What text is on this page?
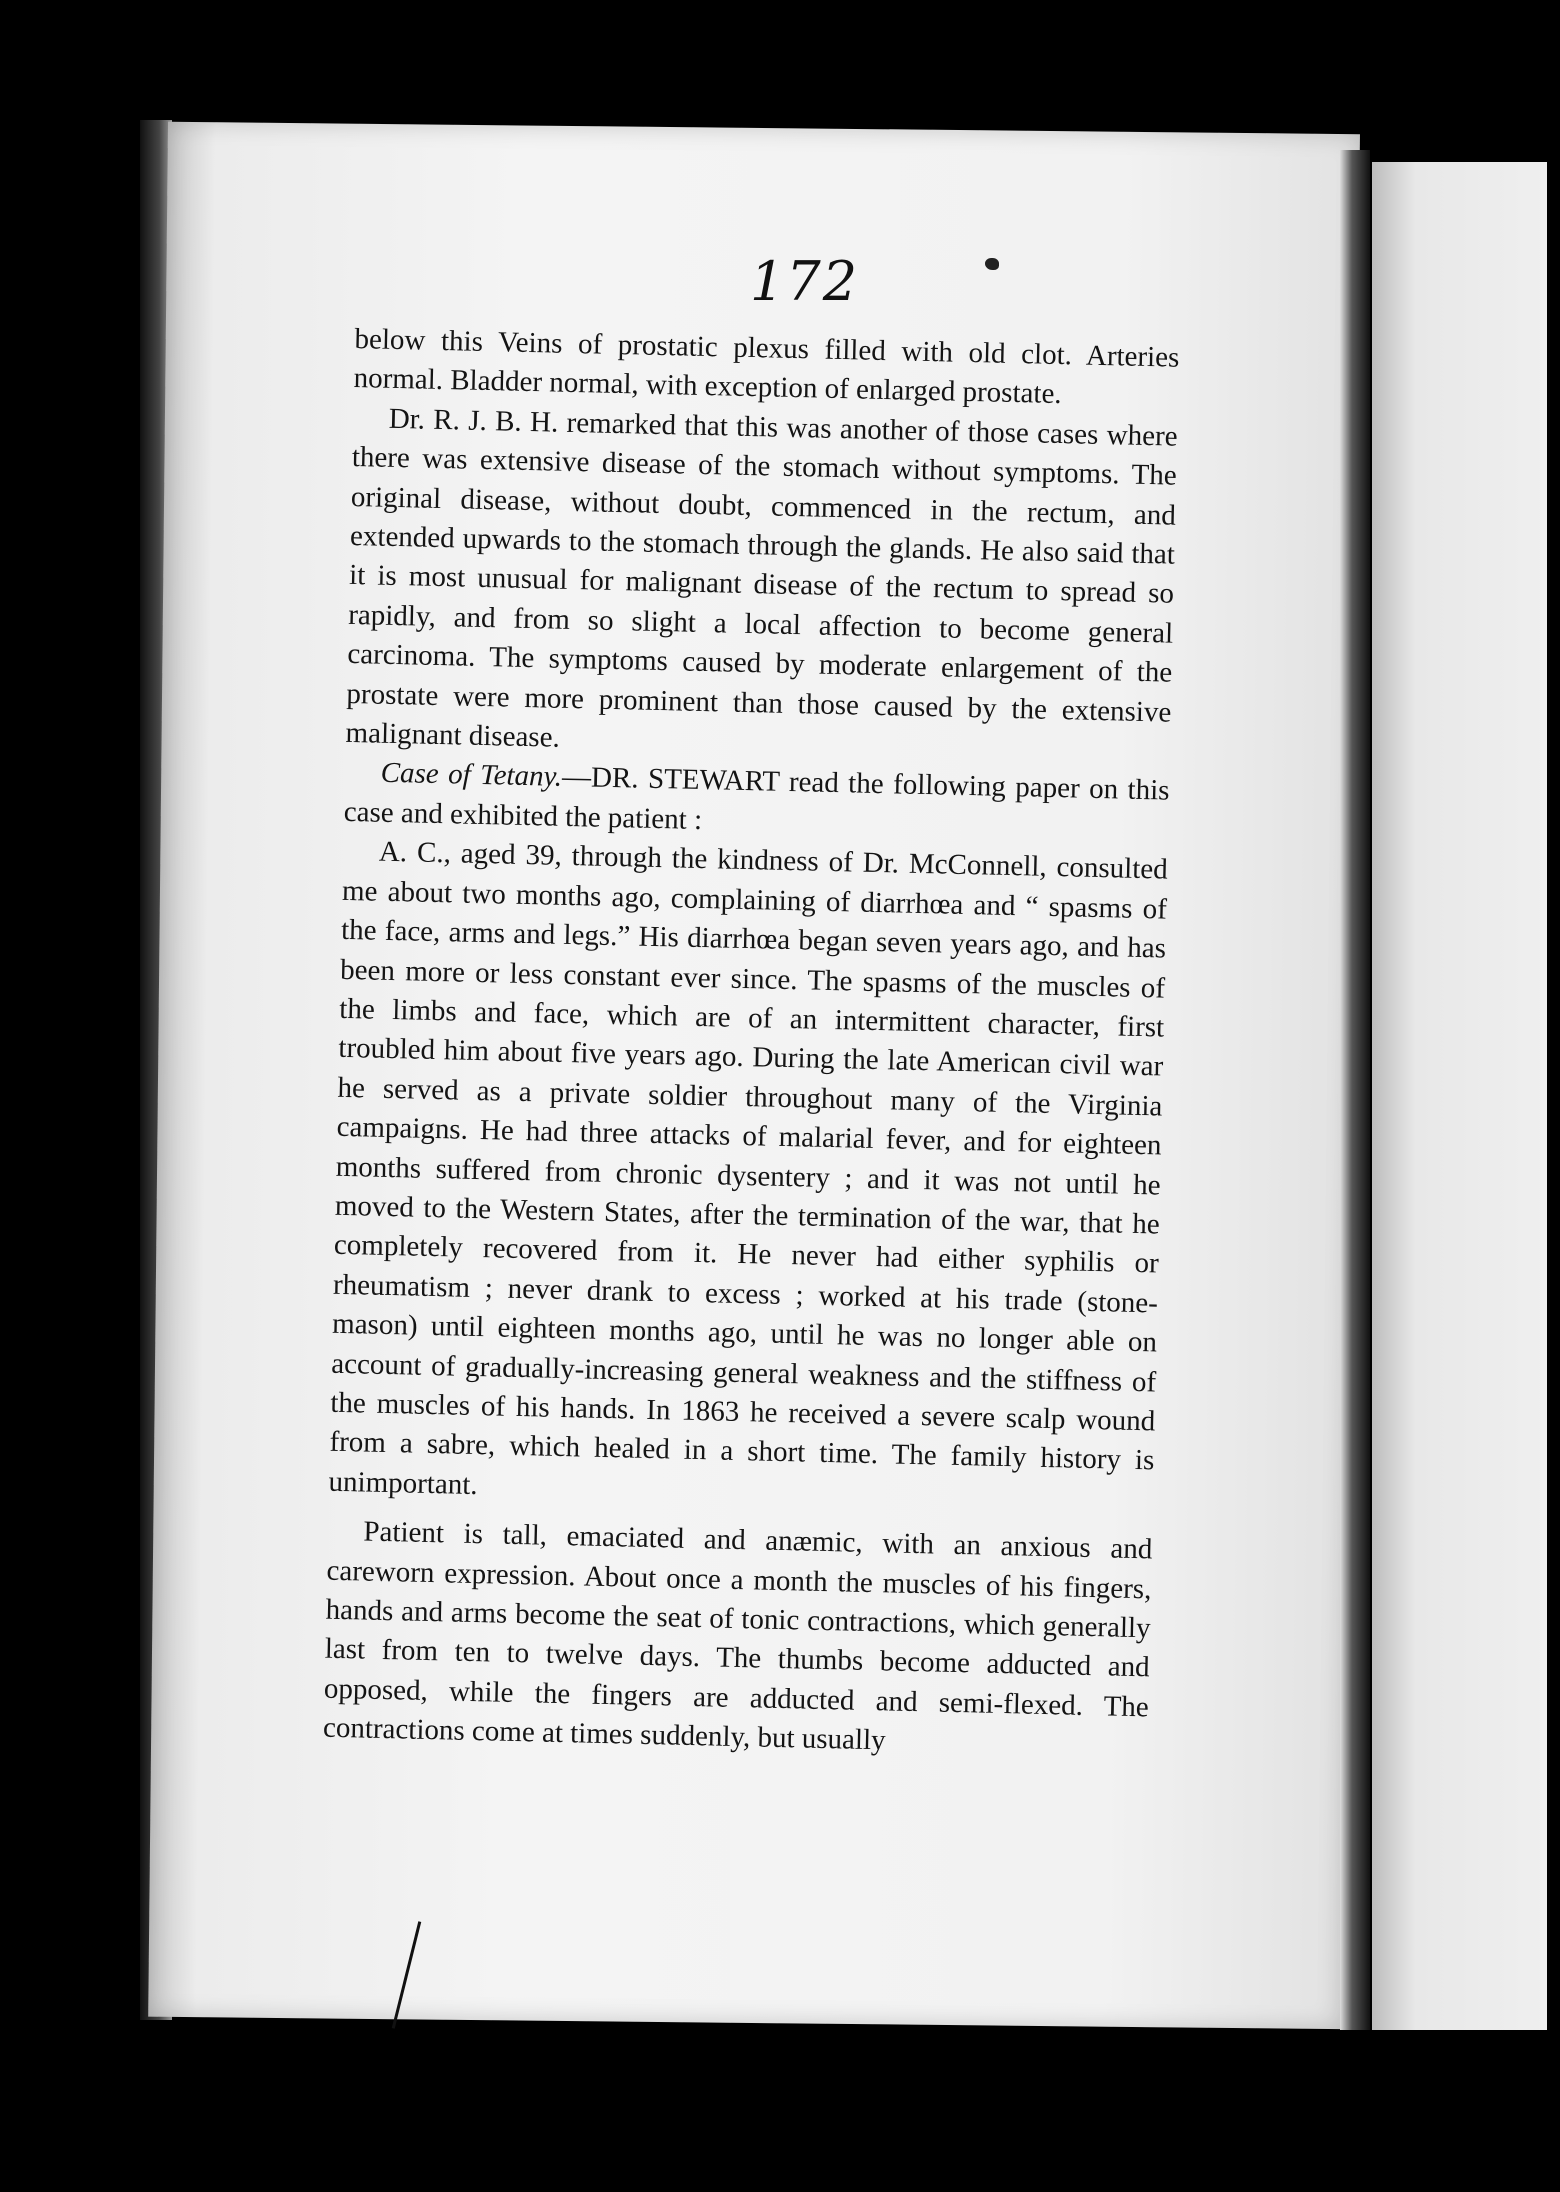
172

below this Veins of prostatic plexus filled with old clot. Arteries normal. Bladder normal, with exception of enlarged prostate.

Dr. R. J. B. H. remarked that this was another of those cases where there was extensive disease of the stomach without symptoms. The original disease, without doubt, commenced in the rectum, and extended upwards to the stomach through the glands. He also said that it is most unusual for malignant disease of the rectum to spread so rapidly, and from so slight a local affection to become general carcinoma. The symptoms caused by moderate enlargement of the prostate were more prominent than those caused by the extensive malignant disease.

Case of Tetany.—DR. STEWART read the following paper on this case and exhibited the patient :

A. C., aged 39, through the kindness of Dr. McConnell, consulted me about two months ago, complaining of diarrhœa and “ spasms of the face, arms and legs.” His diarrhœa began seven years ago, and has been more or less constant ever since. The spasms of the muscles of the limbs and face, which are of an intermittent character, first troubled him about five years ago. During the late American civil war he served as a private soldier throughout many of the Virginia campaigns. He had three attacks of malarial fever, and for eighteen months suffered from chronic dysentery ; and it was not until he moved to the Western States, after the termination of the war, that he completely recovered from it. He never had either syphilis or rheumatism ; never drank to excess ; worked at his trade (stone-mason) until eighteen months ago, until he was no longer able on account of gradually-increasing general weakness and the stiffness of the muscles of his hands. In 1863 he received a severe scalp wound from a sabre, which healed in a short time. The family history is unimportant.

Patient is tall, emaciated and anæmic, with an anxious and careworn expression. About once a month the muscles of his fingers, hands and arms become the seat of tonic contractions, which generally last from ten to twelve days. The thumbs become adducted and opposed, while the fingers are adducted and semi-flexed. The contractions come at times suddenly, but usually
